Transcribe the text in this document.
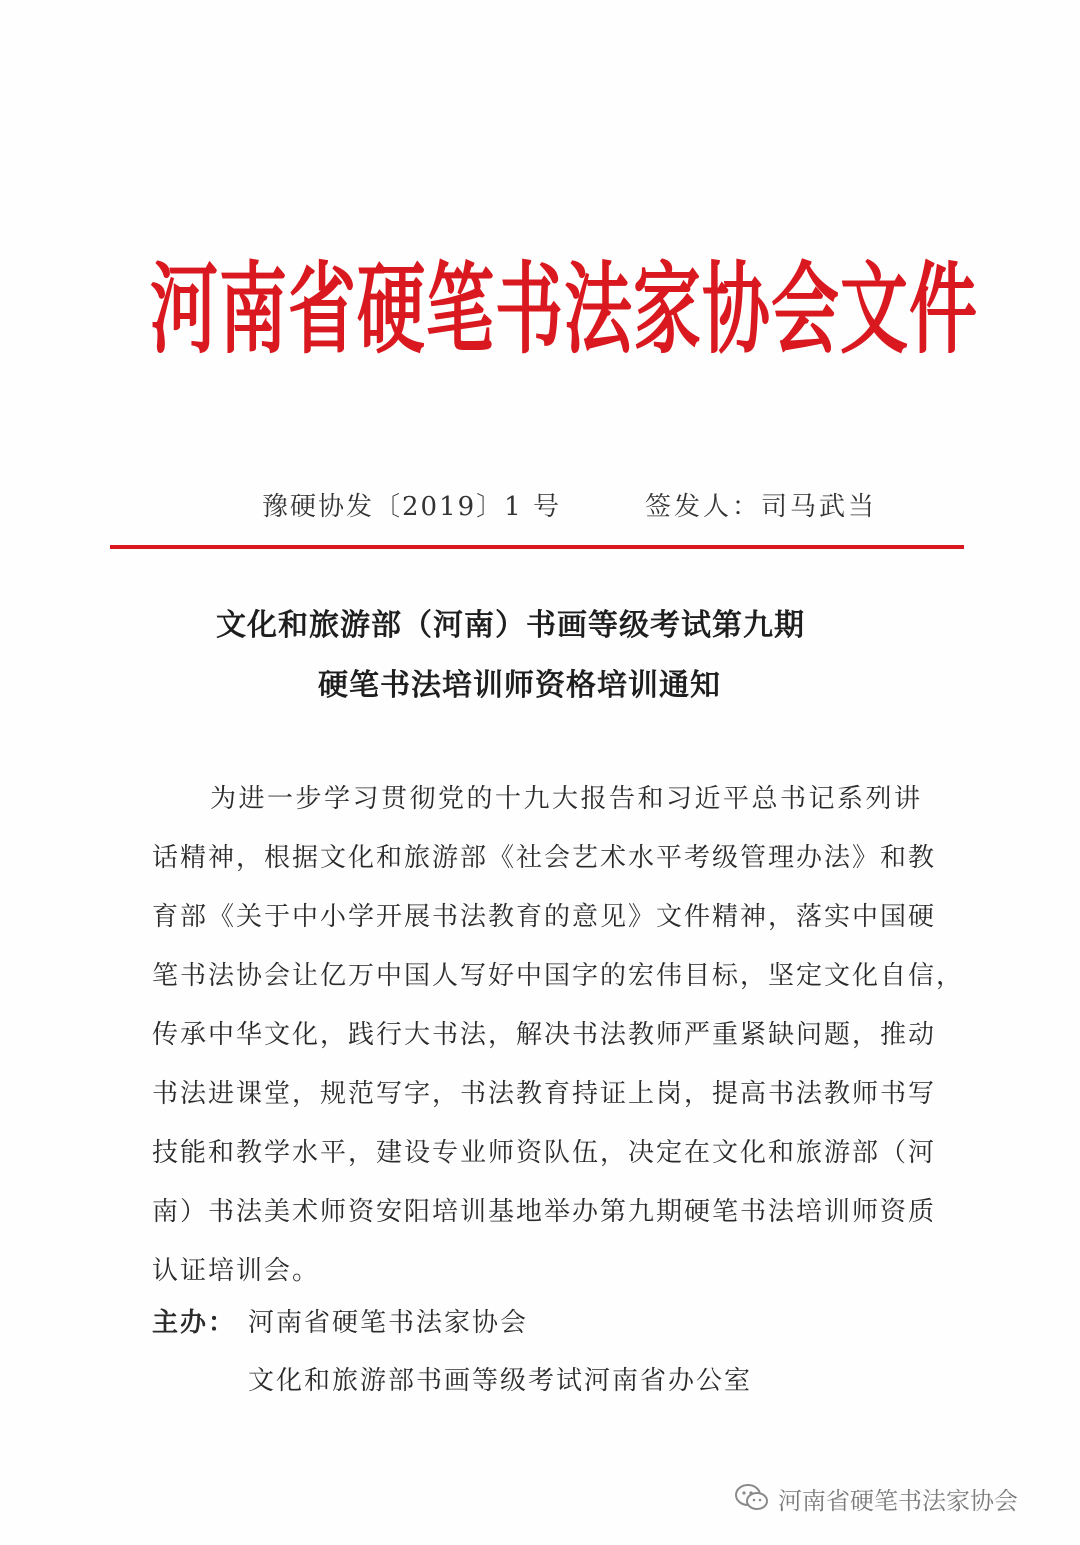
河南省硬笔书法家协会文件
豫硬协发〔2019〕1 号	签发人：司马武当
文化和旅游部（河南）书画等级考试第九期
硬笔书法培训师资格培训通知
为进一步学习贯彻党的十九大报告和习近平总书记系列讲
话精神，根据文化和旅游部《社会艺术水平考级管理办法》和教
育部《关于中小学开展书法教育的意见》文件精神，落实中国硬
笔书法协会让亿万中国人写好中国字的宏伟目标，坚定文化自信，
传承中华文化，践行大书法，解决书法教师严重紧缺问题，推动
书法进课堂，规范写字，书法教育持证上岗，提高书法教师书写
技能和教学水平，建设专业师资队伍，决定在文化和旅游部（河
南）书法美术师资安阳培训基地举办第九期硬笔书法培训师资质
认证培训会。
主办： 河南省硬笔书法家协会
文化和旅游部书画等级考试河南省办公室
河南省硬笔书法家协会
